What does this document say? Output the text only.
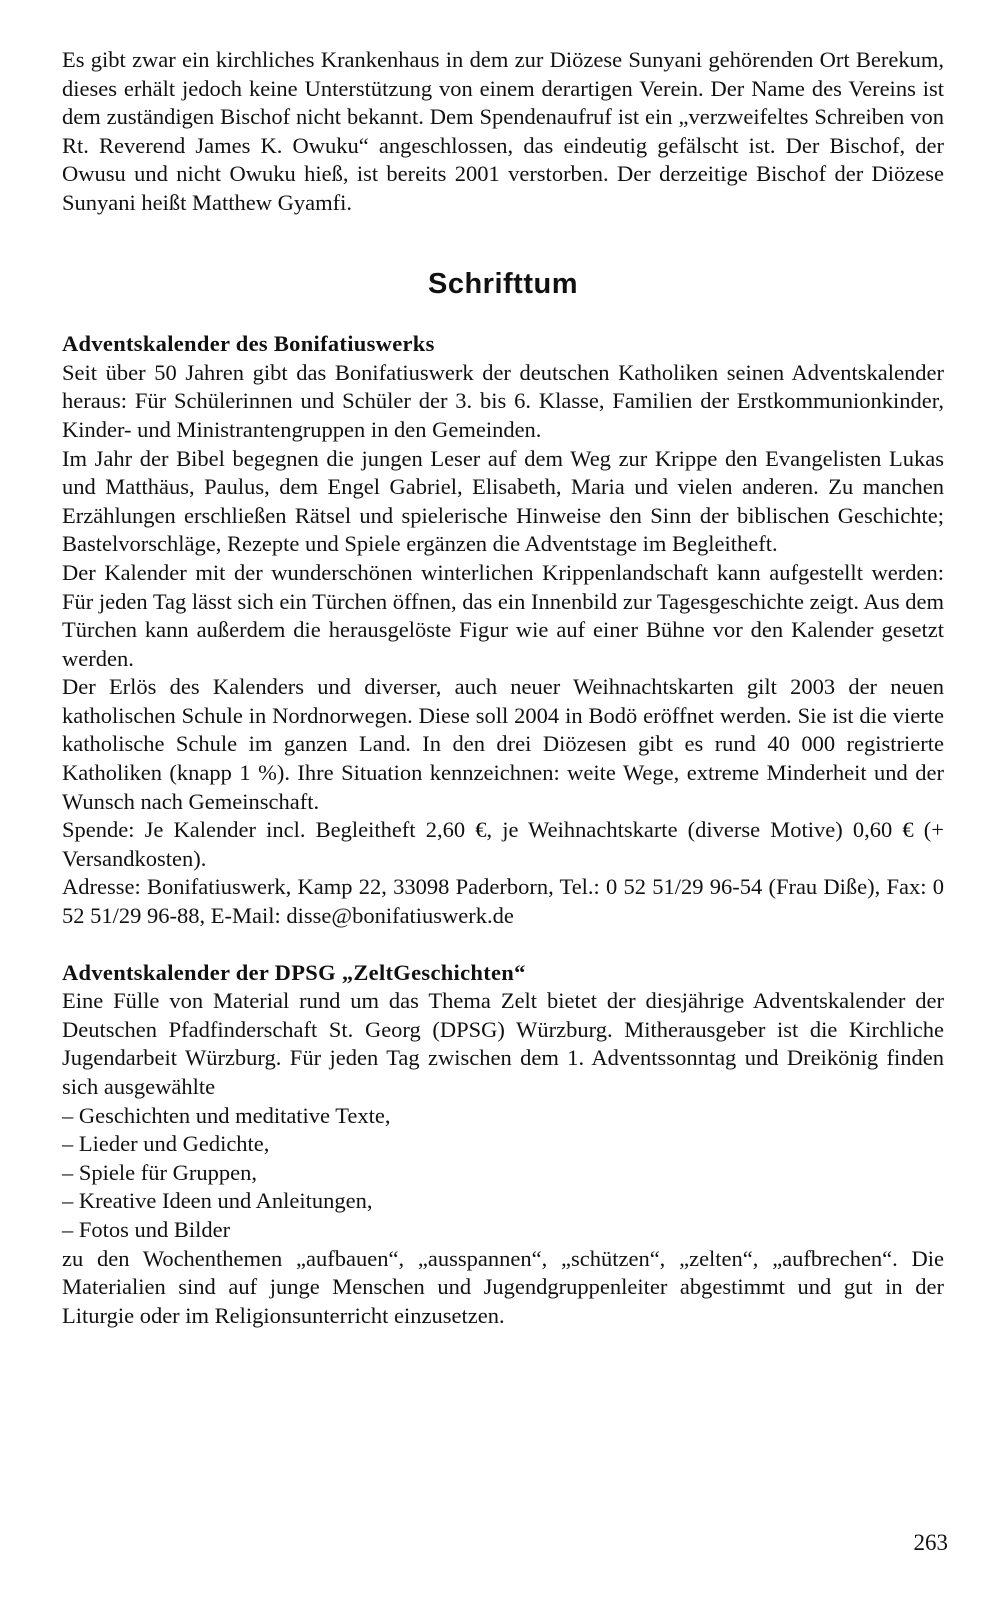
Es gibt zwar ein kirchliches Krankenhaus in dem zur Diözese Sunyani gehörenden Ort Berekum, dieses erhält jedoch keine Unterstützung von einem derartigen Verein. Der Name des Vereins ist dem zuständigen Bischof nicht bekannt. Dem Spendenaufruf ist ein „verzweifeltes Schreiben von Rt. Reverend James K. Owuku“ angeschlossen, das eindeutig gefälscht ist. Der Bischof, der Owusu und nicht Owuku hieß, ist bereits 2001 verstorben. Der derzeitige Bischof der Diözese Sunyani heißt Matthew Gyamfi.

Schrifttum

Adventskalender des Bonifatiuswerks

Seit über 50 Jahren gibt das Bonifatiuswerk der deutschen Katholiken seinen Adventskalender heraus: Für Schülerinnen und Schüler der 3. bis 6. Klasse, Familien der Erstkommunionkinder, Kinder- und Ministrantengruppen in den Gemeinden.

Im Jahr der Bibel begegnen die jungen Leser auf dem Weg zur Krippe den Evangelisten Lukas und Matthäus, Paulus, dem Engel Gabriel, Elisabeth, Maria und vielen anderen. Zu manchen Erzählungen erschließen Rätsel und spielerische Hinweise den Sinn der biblischen Geschichte; Bastelvorschläge, Rezepte und Spiele ergänzen die Adventstage im Begleitheft.

Der Kalender mit der wunderschönen winterlichen Krippenlandschaft kann aufgestellt werden: Für jeden Tag lässt sich ein Türchen öffnen, das ein Innenbild zur Tagesgeschichte zeigt. Aus dem Türchen kann außerdem die herausgelöste Figur wie auf einer Bühne vor den Kalender gesetzt werden.

Der Erlös des Kalenders und diverser, auch neuer Weihnachtskarten gilt 2003 der neuen katholischen Schule in Nordnorwegen. Diese soll 2004 in Bodö eröffnet werden. Sie ist die vierte katholische Schule im ganzen Land. In den drei Diözesen gibt es rund 40 000 registrierte Katholiken (knapp 1 %). Ihre Situation kennzeichnen: weite Wege, extreme Minderheit und der Wunsch nach Gemeinschaft.

Spende: Je Kalender incl. Begleitheft 2,60 €, je Weihnachtskarte (diverse Motive) 0,60 € (+ Versandkosten).

Adresse: Bonifatiuswerk, Kamp 22, 33098 Paderborn, Tel.: 0 52 51/29 96-54 (Frau Diße), Fax: 0 52 51/29 96-88, E-Mail: disse@bonifatiuswerk.de

Adventskalender der DPSG „ZeltGeschichten“

Eine Fülle von Material rund um das Thema Zelt bietet der diesjährige Adventskalender der Deutschen Pfadfinderschaft St. Georg (DPSG) Würzburg. Mitherausgeber ist die Kirchliche Jugendarbeit Würzburg. Für jeden Tag zwischen dem 1. Adventssonntag und Dreikönig finden sich ausgewählte

– Geschichten und meditative Texte,
– Lieder und Gedichte,
– Spiele für Gruppen,
– Kreative Ideen und Anleitungen,
– Fotos und Bilder

zu den Wochenthemen „aufbauen“, „ausspannen“, „schützen“, „zelten“, „aufbrechen“. Die Materialien sind auf junge Menschen und Jugendgruppenleiter abgestimmt und gut in der Liturgie oder im Religionsunterricht einzusetzen.

263
